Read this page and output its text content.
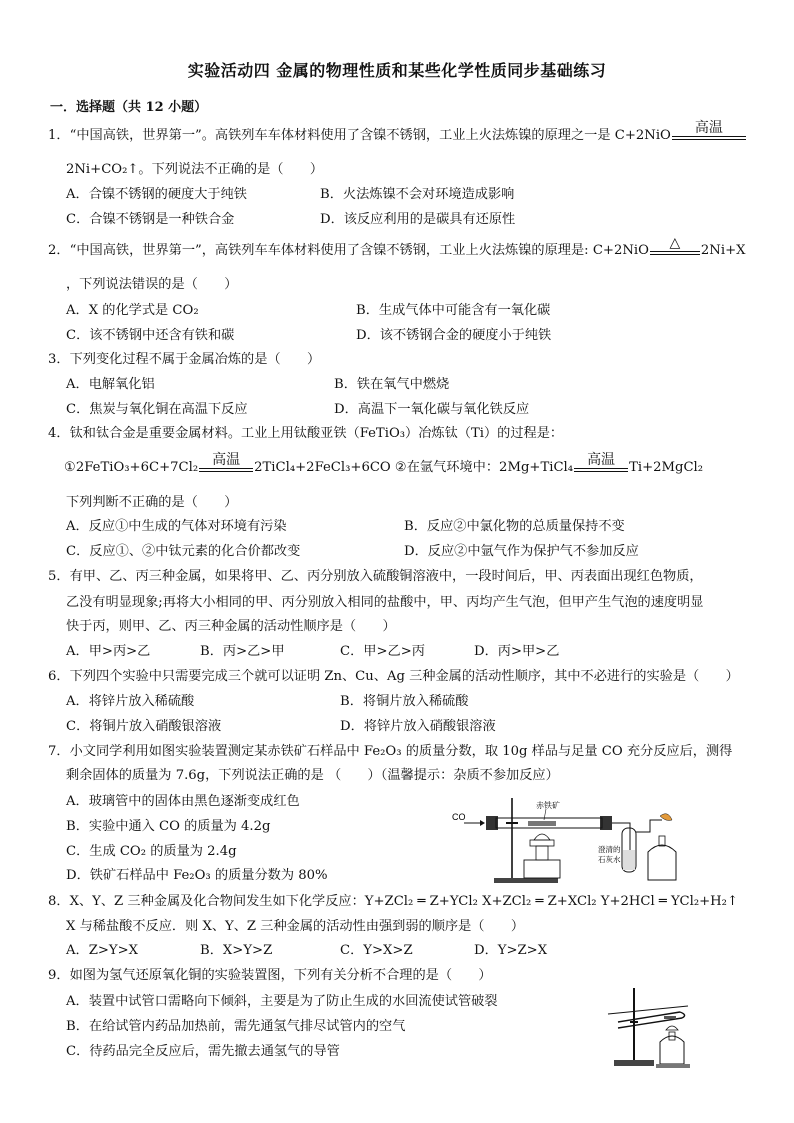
实验活动四 金属的物理性质和某些化学性质同步基础练习
一．选择题（共 12 小题）
1．“中国高铁，世界第一”。高铁列车车体材料使用了含镍不锈钢，工业上火法炼镍的原理之一是 C+2NiO	高温
2Ni+CO₂↑。下列说法不正确的是（　　）
A．合镍不锈钢的硬度大于纯铁	B．火法炼镍不会对环境造成影响
C．合镍不锈钢是一种铁合金	D．该反应利用的是碳具有还原性
2．“中国高铁，世界第一”，高铁列车车体材料使用了含镍不锈钢，工业上火法炼镍的原理是: C+2NiO	△	2Ni+X
，下列说法错误的是（　　）
A．X 的化学式是 CO₂	B．生成气体中可能含有一氧化碳
C．该不锈钢中还含有铁和碳	D．该不锈钢合金的硬度小于纯铁
3．下列变化过程不属于金属冶炼的是（　　）
A．电解氧化铝	B．铁在氧气中燃烧
C．焦炭与氧化铜在高温下反应	D．高温下一氧化碳与氧化铁反应
4．钛和钛合金是重要金属材料。工业上用钛酸亚铁（FeTiO₃）冶炼钛（Ti）的过程是：
①2FeTiO₃+6C+7Cl₂	高温	2TiCl₄+2FeCl₃+6CO ②在氩气环境中：2Mg+TiCl₄	高温	Ti+2MgCl₂
下列判断不正确的是（　　）
A．反应①中生成的气体对环境有污染	B．反应②中氯化物的总质量保持不变
C．反应①、②中钛元素的化合价都改变	D．反应②中氩气作为保护气不参加反应
5．有甲、乙、丙三种金属，如果将甲、乙、丙分别放入硫酸铜溶液中，一段时间后，甲、丙表面出现红色物质，
乙没有明显现象;再将大小相同的甲、丙分别放入相同的盐酸中，甲、丙均产生气泡，但甲产生气泡的速度明显
快于丙，则甲、乙、丙三种金属的活动性顺序是（　　）
A．甲>丙>乙	B．丙>乙>甲	C．甲>乙>丙	D．丙>甲>乙
6．下列四个实验中只需要完成三个就可以证明 Zn、Cu、Ag 三种金属的活动性顺序，其中不必进行的实验是（　　）
A．将锌片放入稀硫酸	B．将铜片放入稀硫酸
C．将铜片放入硝酸银溶液	D．将锌片放入硝酸银溶液
7．小文同学利用如图实验装置测定某赤铁矿石样品中 Fe₂O₃ 的质量分数，取 10g 样品与足量 CO 充分反应后，测得
剩余固体的质量为 7.6g，下列说法正确的是 （　　）（温馨提示：杂质不参加反应）
A．玻璃管中的固体由黑色逐渐变成红色
B．实验中通入 CO 的质量为 4.2g
C．生成 CO₂ 的质量为 2.4g
D．铁矿石样品中 Fe₂O₃ 的质量分数为 80%
CO
赤铁矿
澄清的
石灰水
8．X、Y、Z 三种金属及化合物间发生如下化学反应：Y+ZCl₂ ═ Z+YCl₂ X+ZCl₂ ═ Z+XCl₂ Y+2HCl ═ YCl₂+H₂↑
X 与稀盐酸不反应．则 X、Y、Z 三种金属的活动性由强到弱的顺序是（　　）
A．Z>Y>X	B．X>Y>Z	C．Y>X>Z	D．Y>Z>X
9．如图为氢气还原氧化铜的实验装置图，下列有关分析不合理的是（　　）
A．装置中试管口需略向下倾斜，主要是为了防止生成的水回流使试管破裂
B．在给试管内药品加热前，需先通氢气排尽试管内的空气
C．待药品完全反应后，需先撤去通氢气的导管
